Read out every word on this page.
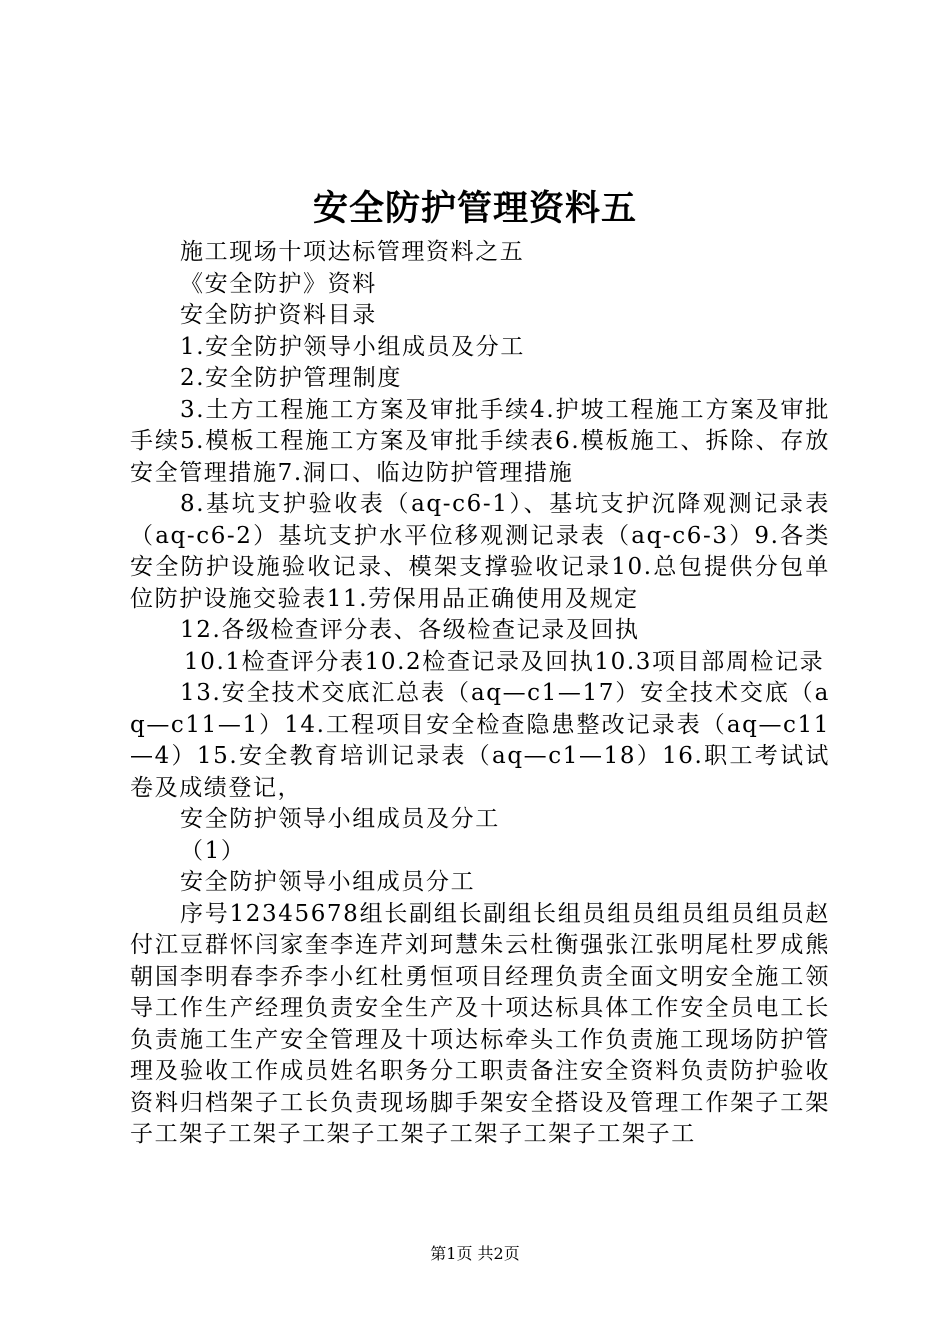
安全防护管理资料五

施工现场十项达标管理资料之五

《安全防护》资料

安全防护资料目录

1.安全防护领导小组成员及分工

2.安全防护管理制度

3.土方工程施工方案及审批手续4.护坡工程施工方案及审批手续5.模板工程施工方案及审批手续表6.模板施工、拆除、存放安全管理措施7.洞口、临边防护管理措施

8.基坑支护验收表（aq-c6-1）、基坑支护沉降观测记录表（aq-c6-2）基坑支护水平位移观测记录表（aq-c6-3）9.各类安全防护设施验收记录、模架支撑验收记录10.总包提供分包单位防护设施交验表11.劳保用品正确使用及规定

12.各级检查评分表、各级检查记录及回执

10.1检查评分表10.2检查记录及回执10.3项目部周检记录

13.安全技术交底汇总表（aq—c1—17）安全技术交底（aq—c11—1）14.工程项目安全检查隐患整改记录表（aq—c11—4）15.安全教育培训记录表（aq—c1—18）16.职工考试试卷及成绩登记，

安全防护领导小组成员及分工

（1）

安全防护领导小组成员分工

序号12345678组长副组长副组长组员组员组员组员组员赵付江豆群怀闫家奎李连芹刘珂慧朱云杜衡强张江张明尾杜罗成熊朝国李明春李乔李小红杜勇恒项目经理负责全面文明安全施工领导工作生产经理负责安全生产及十项达标具体工作安全员电工长负责施工生产安全管理及十项达标牵头工作负责施工现场防护管理及验收工作成员姓名职务分工职责备注安全资料负责防护验收资料归档架子工长负责现场脚手架安全搭设及管理工作架子工架子工架子工架子工架子工架子工架子工架子工架子工

第1页 共2页
